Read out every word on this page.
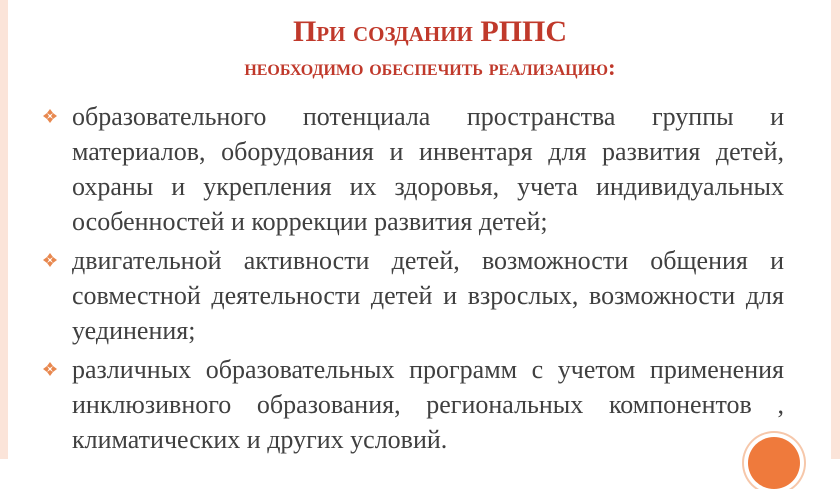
При создании РППС
необходимо обеспечить реализацию:
образовательного потенциала пространства группы и материалов, оборудования и инвентаря для развития детей, охраны и укрепления их здоровья, учета индивидуальных особенностей и коррекции развития детей;
двигательной активности детей, возможности общения и совместной деятельности детей и взрослых, возможности для уединения;
различных образовательных программ с учетом применения инклюзивного образования, региональных компонентов , климатических и других условий.
